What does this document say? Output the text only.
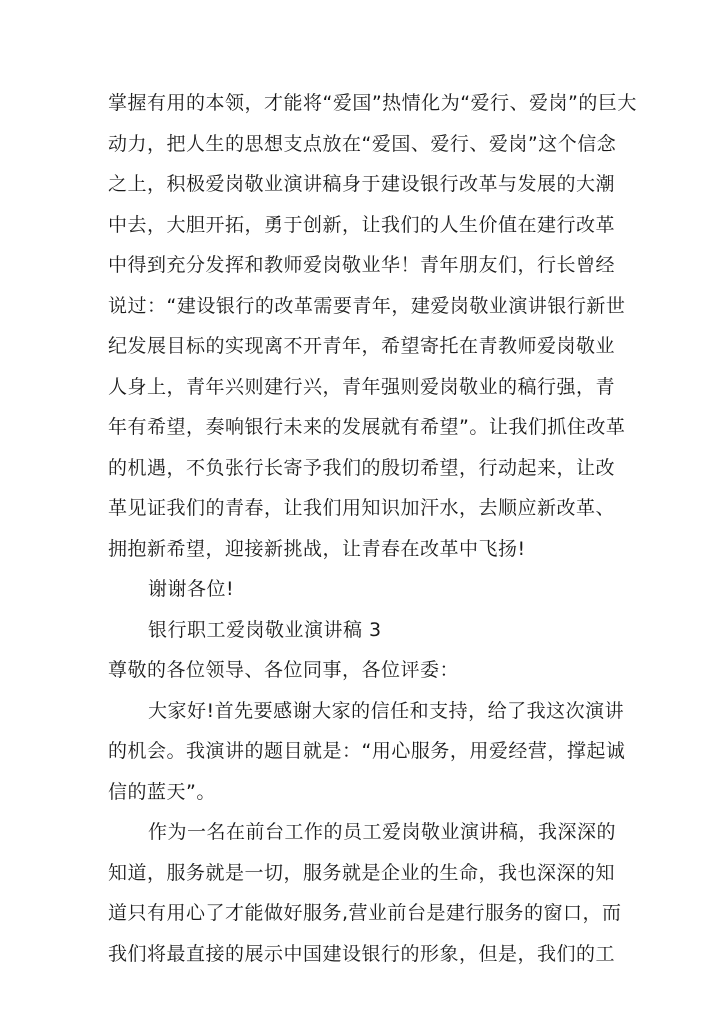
掌握有用的本领，才能将“爱国”热情化为“爱行、爱岗”的巨大
动力，把人生的思想支点放在“爱国、爱行、爱岗”这个信念
之上，积极爱岗敬业演讲稿身于建设银行改革与发展的大潮
中去，大胆开拓，勇于创新，让我们的人生价值在建行改革
中得到充分发挥和教师爱岗敬业华！青年朋友们，行长曾经
说过：“建设银行的改革需要青年，建爱岗敬业演讲银行新世
纪发展目标的实现离不开青年，希望寄托在青教师爱岗敬业
人身上，青年兴则建行兴，青年强则爱岗敬业的稿行强，青
年有希望，奏响银行未来的发展就有希望”。让我们抓住改革
的机遇，不负张行长寄予我们的殷切希望，行动起来，让改
革见证我们的青春，让我们用知识加汗水，去顺应新改革、
拥抱新希望，迎接新挑战，让青春在改革中飞扬!
谢谢各位!
银行职工爱岗敬业演讲稿 3
尊敬的各位领导、各位同事，各位评委：
大家好!首先要感谢大家的信任和支持，给了我这次演讲
的机会。我演讲的题目就是：“用心服务，用爱经营，撑起诚
信的蓝天”。
作为一名在前台工作的员工爱岗敬业演讲稿，我深深的
知道，服务就是一切，服务就是企业的生命，我也深深的知
道只有用心了才能做好服务,营业前台是建行服务的窗口，而
我们将最直接的展示中国建设银行的形象，但是，我们的工
